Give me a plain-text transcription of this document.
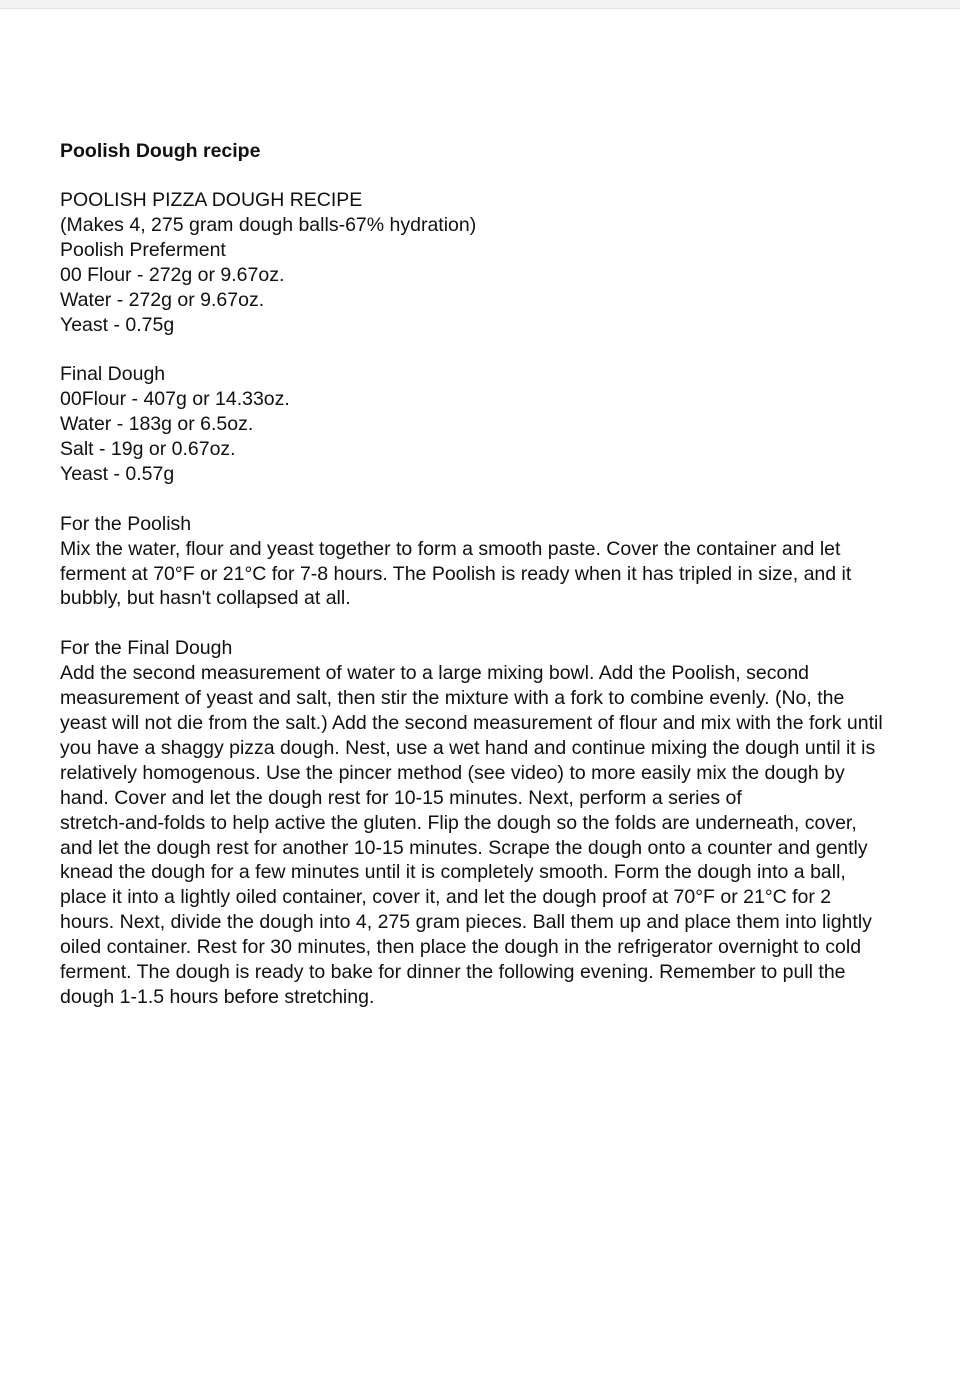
Poolish Dough recipe
POOLISH PIZZA DOUGH RECIPE
(Makes 4, 275 gram dough balls-67% hydration)
Poolish Preferment
00 Flour - 272g or 9.67oz.
Water - 272g or 9.67oz.
Yeast - 0.75g
Final Dough
00Flour - 407g or 14.33oz.
Water - 183g or 6.5oz.
Salt - 19g or 0.67oz.
Yeast - 0.57g
For the Poolish
Mix the water, flour and yeast together to form a smooth paste. Cover the container and let
ferment at 70°F or 21°C for 7-8 hours. The Poolish is ready when it has tripled in size, and it
bubbly, but hasn't collapsed at all.
For the Final Dough
Add the second measurement of water to a large mixing bowl. Add the Poolish, second
measurement of yeast and salt, then stir the mixture with a fork to combine evenly. (No, the
yeast will not die from the salt.) Add the second measurement of flour and mix with the fork until
you have a shaggy pizza dough. Nest, use a wet hand and continue mixing the dough until it is
relatively homogenous. Use the pincer method (see video) to more easily mix the dough by
hand. Cover and let the dough rest for 10-15 minutes. Next, perform a series of
stretch-and-folds to help active the gluten. Flip the dough so the folds are underneath, cover,
and let the dough rest for another 10-15 minutes. Scrape the dough onto a counter and gently
knead the dough for a few minutes until it is completely smooth. Form the dough into a ball,
place it into a lightly oiled container, cover it, and let the dough proof at 70°F or 21°C for 2
hours. Next, divide the dough into 4, 275 gram pieces. Ball them up and place them into lightly
oiled container. Rest for 30 minutes, then place the dough in the refrigerator overnight to cold
ferment. The dough is ready to bake for dinner the following evening. Remember to pull the
dough 1-1.5 hours before stretching.
